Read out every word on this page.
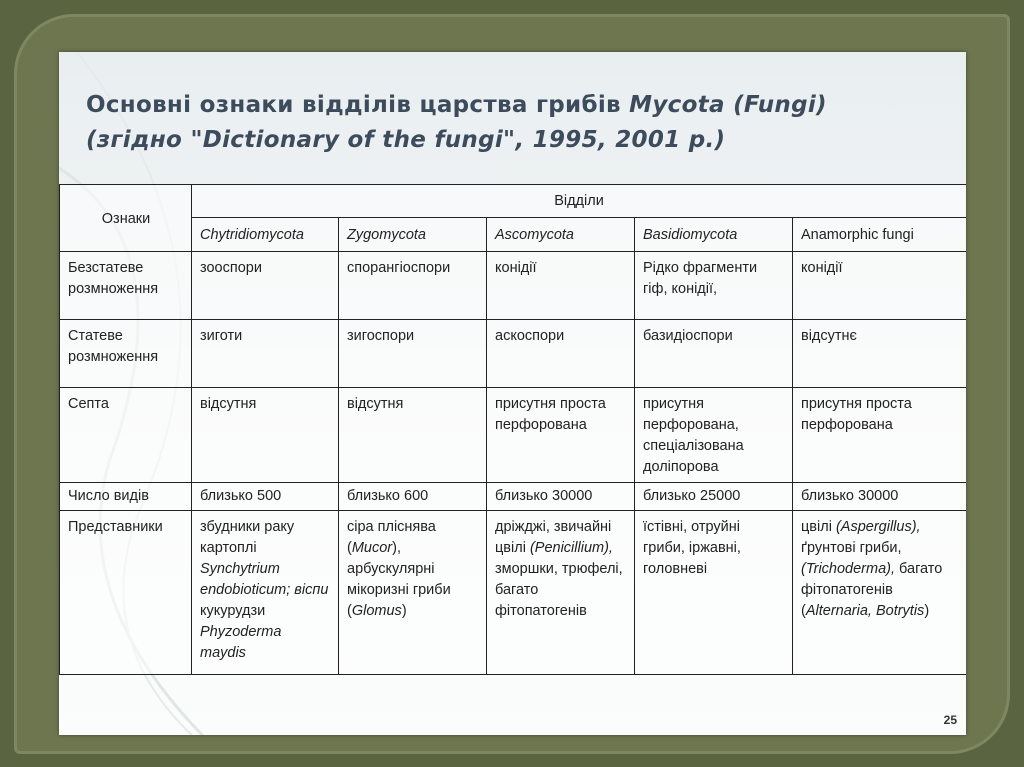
Основні ознаки відділів царства грибів Mycota (Fungi)
(згідно "Dictionary of the fungi", 1995, 2001 р.)
Ознаки	Відділи				
	Chytridiomycota	Zygomycota	Ascomycota	Basidiomycota	Anamorphic fungi
Безстатеве розмноження	зооспори	спорангіоспори	конідії	Рідко фрагменти гіф, конідії,	конідії
Статеве розмноження	зиготи	зигоспори	аскоспори	базидіоспори	відсутнє
Септа	відсутня	відсутня	присутня проста перфорована	присутня перфорована, спеціалізована доліпорова	присутня проста перфорована
Число видів	близько 500	близько 600	близько 30000	близько 25000	близько 30000
Представники	збудники раку картоплі Synchytrium endobioticum; віспи кукурудзи Phyzoderma maydis	сіра пліснява (Mucor), арбускулярні мікоризні гриби (Glomus)	дріжджі, звичайні цвілі (Penicillium), зморшки, трюфелі, багато фітопатогенів	їстівні, отруйні гриби, іржавні, головневі	цвілі (Aspergillus), ґрунтові гриби, (Trichoderma), багато фітопатогенів (Alternaria, Botrytis)
25
